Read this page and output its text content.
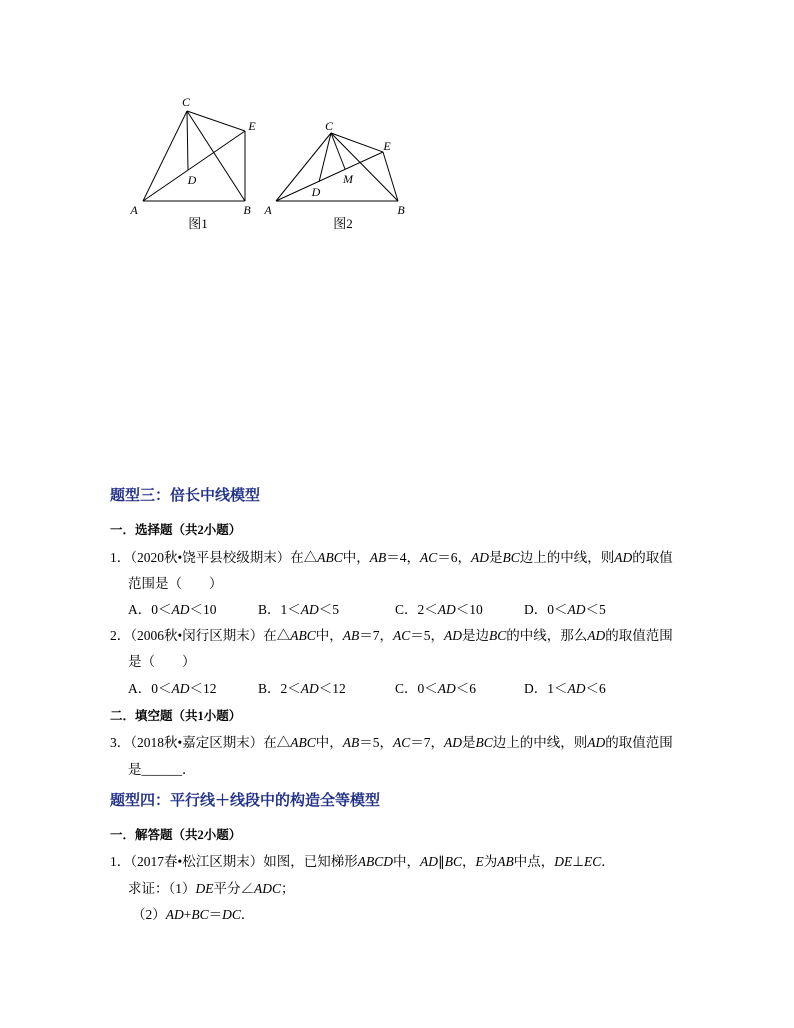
A	B
C
E
D
图1
A	B
C
E
D
M
图2
题型三：倍长中线模型
一．选择题（共2小题）
1．（2020秋•饶平县校级期末）在△ABC中，AB＝4，AC＝6，AD是BC边上的中线，则AD的取值
范围是（　　）
A．0＜AD＜10	B．1＜AD＜5	C．2＜AD＜10	D．0＜AD＜5
2．（2006秋•闵行区期末）在△ABC中，AB＝7，AC＝5，AD是边BC的中线，那么AD的取值范围
是（　　）
A．0＜AD＜12	B．2＜AD＜12	C．0＜AD＜6	D．1＜AD＜6
二．填空题（共1小题）
3．（2018秋•嘉定区期末）在△ABC中，AB＝5，AC＝7，AD是BC边上的中线，则AD的取值范围
是______．
题型四：平行线＋线段中的构造全等模型
一．解答题（共2小题）
1．（2017春•松江区期末）如图，已知梯形ABCD中，AD∥BC，E为AB中点，DE⊥EC．
求证：（1）DE平分∠ADC；
（2）AD+BC＝DC．
